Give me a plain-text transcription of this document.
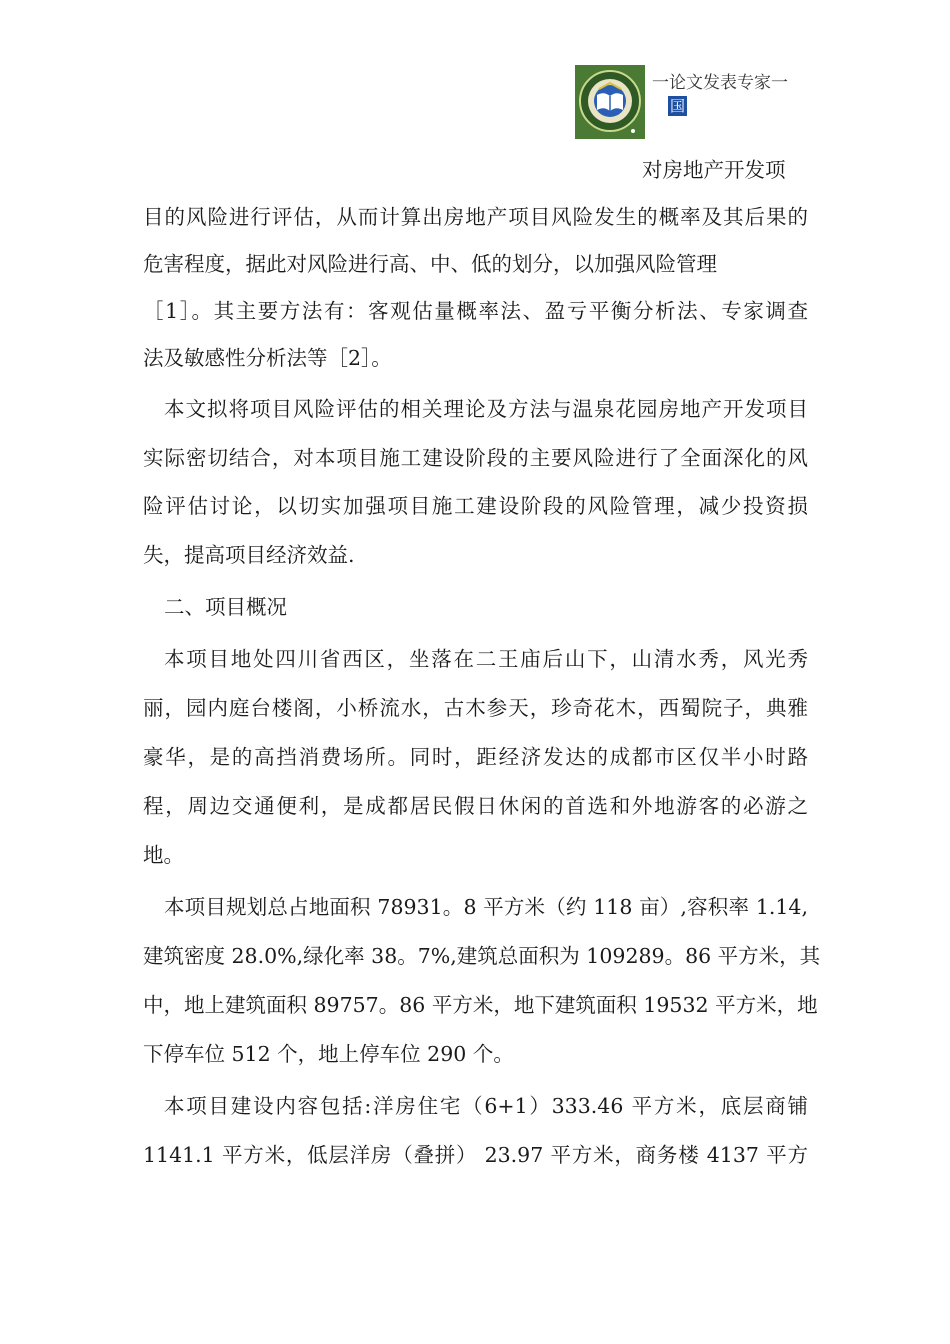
一论文发表专家一
国
对房地产开发项
目的风险进行评估，从而计算出房地产项目风险发生的概率及其后果的
危害程度，据此对风险进行高、中、低的划分，以加强风险管理
［1］。其主要方法有：客观估量概率法、盈亏平衡分析法、专家调查
法及敏感性分析法等［2］。
本文拟将项目风险评估的相关理论及方法与温泉花园房地产开发项目
实际密切结合，对本项目施工建设阶段的主要风险进行了全面深化的风
险评估讨论，以切实加强项目施工建设阶段的风险管理，减少投资损
失，提高项目经济效益.
二、项目概况
本项目地处四川省西区，坐落在二王庙后山下，山清水秀，风光秀
丽，园内庭台楼阁，小桥流水，古木参天，珍奇花木，西蜀院子，典雅
豪华，是的高挡消费场所。同时，距经济发达的成都市区仅半小时路
程，周边交通便利，是成都居民假日休闲的首选和外地游客的必游之
地。
本项目规划总占地面积 78931。8 平方米（约 118 亩）,容积率 1.14,
建筑密度 28.0%,绿化率 38。7%,建筑总面积为 109289。86 平方米，其
中，地上建筑面积 89757。86 平方米，地下建筑面积 19532 平方米，地
下停车位 512 个，地上停车位 290 个。
本项目建设内容包括:洋房住宅（6+1）333.46 平方米，底层商铺
1141.1 平方米，低层洋房（叠拼） 23.97 平方米，商务楼 4137 平方
